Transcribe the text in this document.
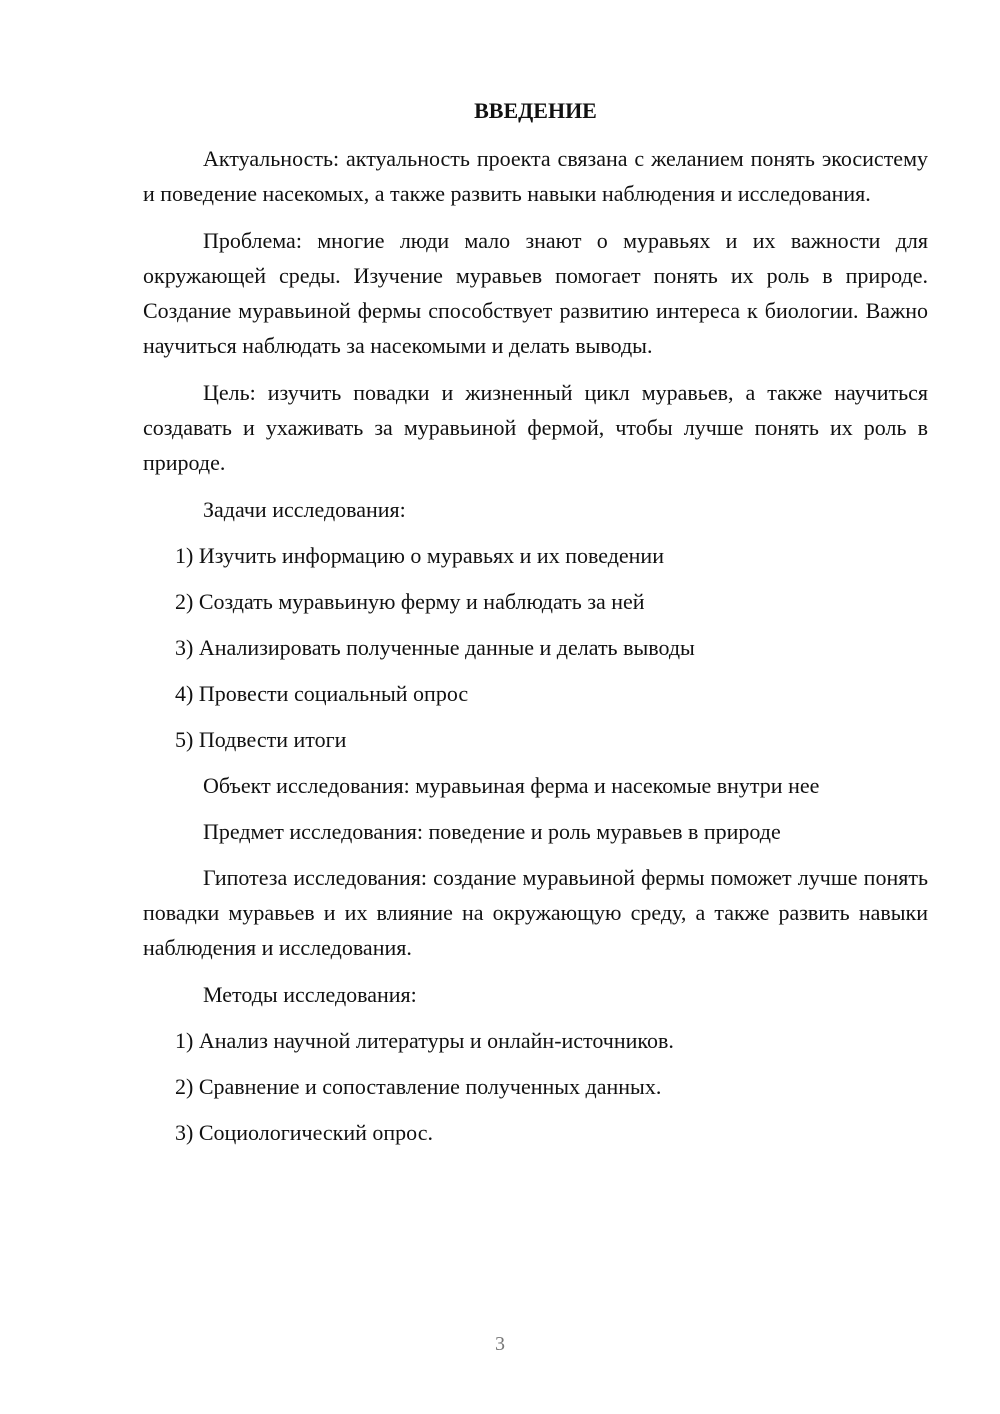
ВВЕДЕНИЕ

Актуальность: актуальность проекта связана с желанием понять экосистему и поведение насекомых, а также развить навыки наблюдения и исследования.

Проблема: многие люди мало знают о муравьях и их важности для окружающей среды. Изучение муравьев помогает понять их роль в природе. Создание муравьиной фермы способствует развитию интереса к биологии. Важно научиться наблюдать за насекомыми и делать выводы.

Цель: изучить повадки и жизненный цикл муравьев, а также научиться создавать и ухаживать за муравьиной фермой, чтобы лучше понять их роль в природе.

Задачи исследования:
1) Изучить информацию о муравьях и их поведении
2) Создать муравьиную ферму и наблюдать за ней
3) Анализировать полученные данные и делать выводы
4) Провести социальный опрос
5) Подвести итоги
Объект исследования: муравьиная ферма и насекомые внутри нее
Предмет исследования: поведение и роль муравьев в природе

Гипотеза исследования: создание муравьиной фермы поможет лучше понять повадки муравьев и их влияние на окружающую среду, а также развить навыки наблюдения и исследования.

Методы исследования:
1) Анализ научной литературы и онлайн-источников.
2) Сравнение и сопоставление полученных данных.
3) Социологический опрос.
3
